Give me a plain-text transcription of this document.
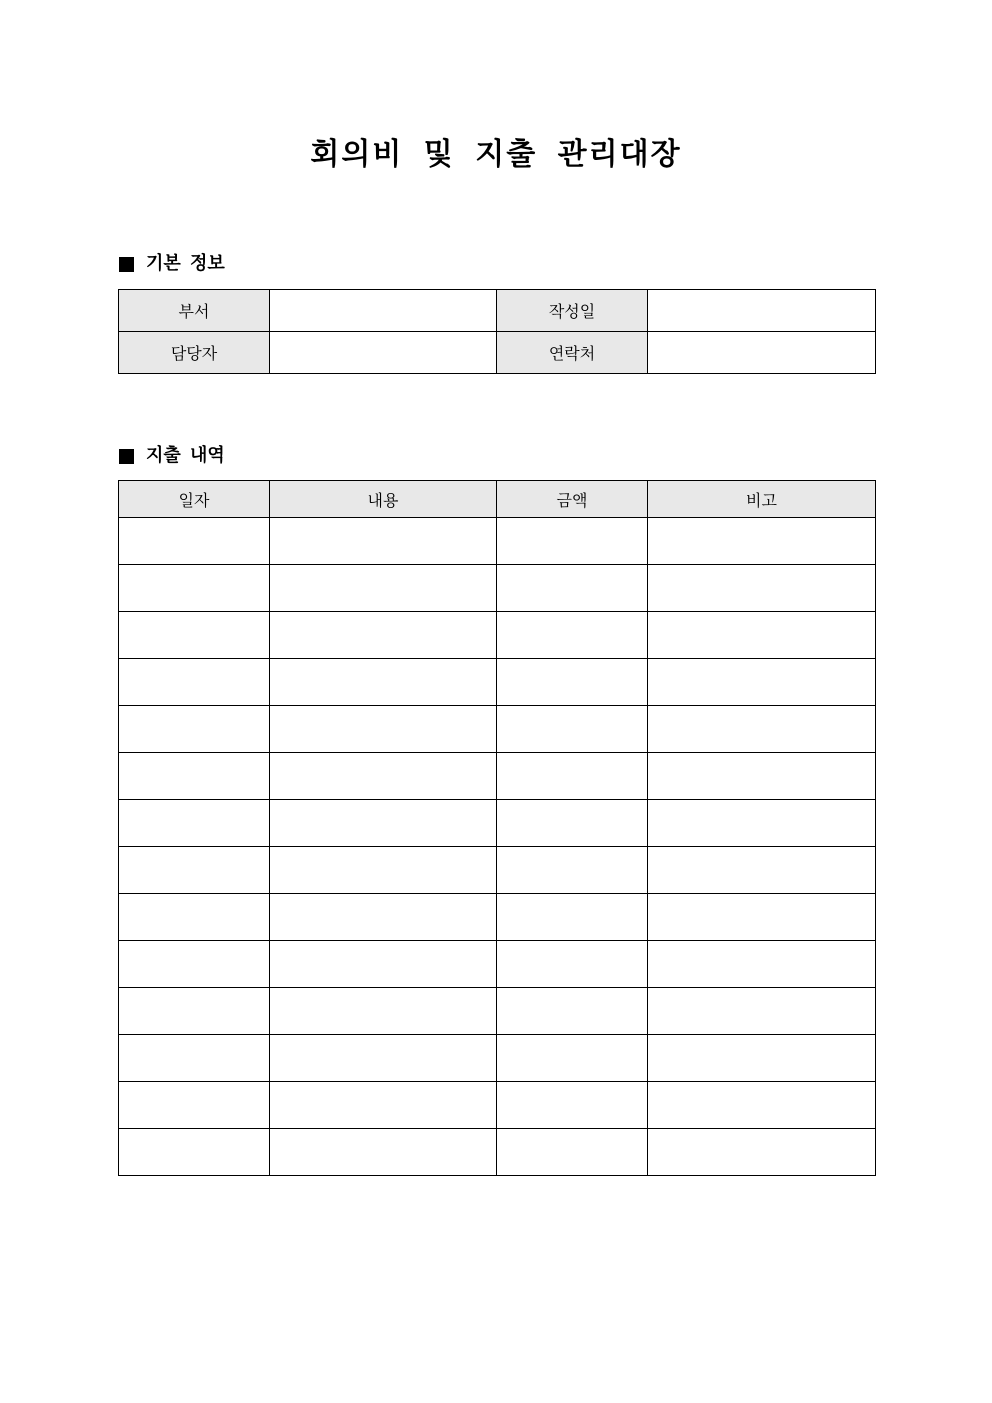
회의비 및 지출 관리대장
기본 정보
부서		작성일	
담당자		연락처	
지출 내역
일자	내용	금액	비고
